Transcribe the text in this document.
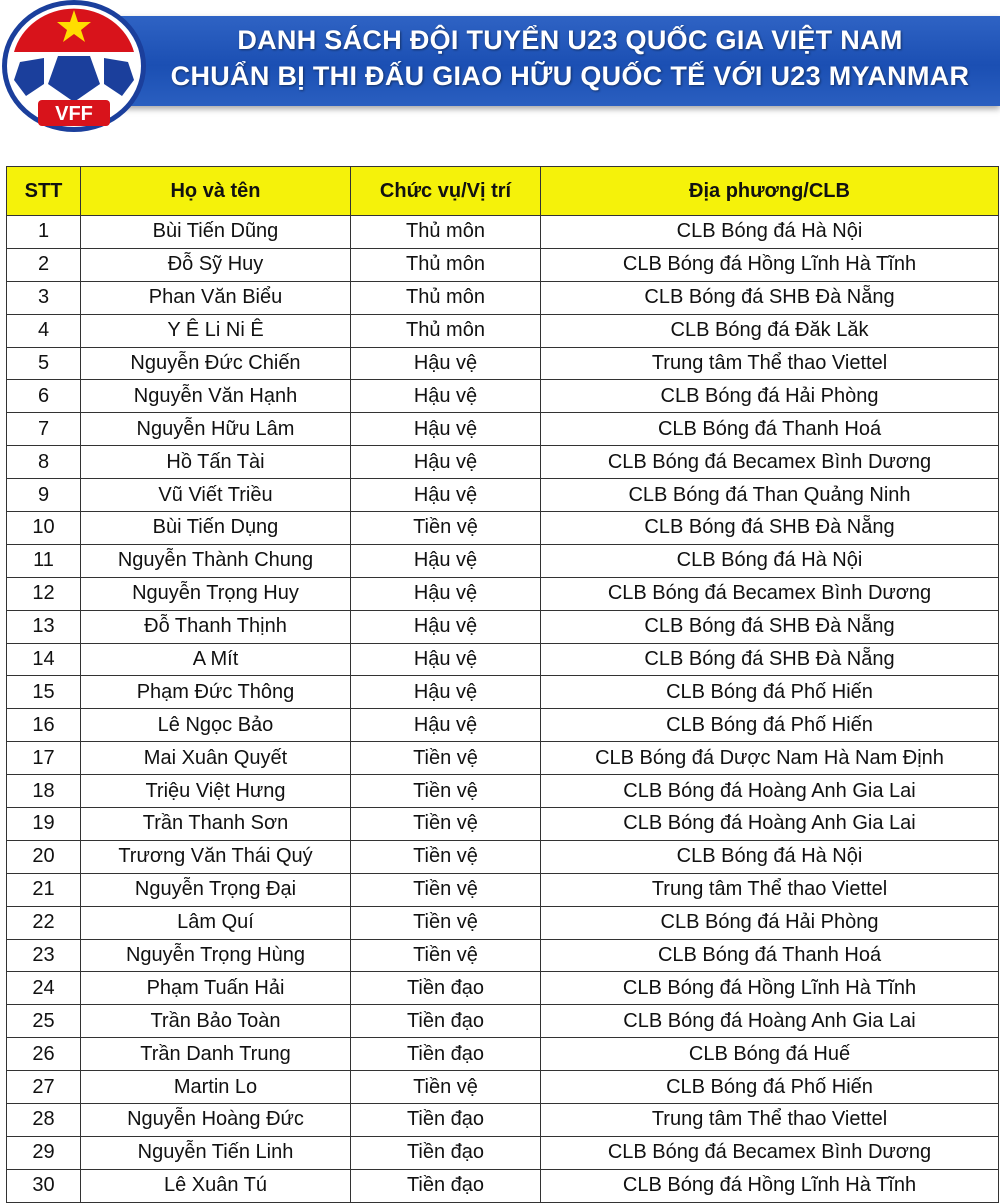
DANH SÁCH ĐỘI TUYỂN U23 QUỐC GIA VIỆT NAM
CHUẨN BỊ THI ĐẤU GIAO HỮU QUỐC TẾ VỚI U23 MYANMAR
VFF
STT	Họ và tên	Chức vụ/Vị trí	Địa phương/CLB
1	Bùi Tiến Dũng	Thủ môn	CLB Bóng đá Hà Nội
2	Đỗ Sỹ Huy	Thủ môn	CLB Bóng đá Hồng Lĩnh Hà Tĩnh
3	Phan Văn Biểu	Thủ môn	CLB Bóng đá SHB Đà Nẵng
4	Y Ê Li Ni Ê	Thủ môn	CLB Bóng đá Đăk Lăk
5	Nguyễn Đức Chiến	Hậu vệ	Trung tâm Thể thao Viettel
6	Nguyễn Văn Hạnh	Hậu vệ	CLB Bóng đá Hải Phòng
7	Nguyễn Hữu Lâm	Hậu vệ	CLB Bóng đá Thanh Hoá
8	Hồ Tấn Tài	Hậu vệ	CLB Bóng đá Becamex Bình Dương
9	Vũ Viết Triều	Hậu vệ	CLB Bóng đá Than Quảng Ninh
10	Bùi Tiến Dụng	Tiền vệ	CLB Bóng đá SHB Đà Nẵng
11	Nguyễn Thành Chung	Hậu vệ	CLB Bóng đá Hà Nội
12	Nguyễn Trọng Huy	Hậu vệ	CLB Bóng đá Becamex Bình Dương
13	Đỗ Thanh Thịnh	Hậu vệ	CLB Bóng đá SHB Đà Nẵng
14	A Mít	Hậu vệ	CLB Bóng đá SHB Đà Nẵng
15	Phạm Đức Thông	Hậu vệ	CLB Bóng đá Phố Hiến
16	Lê Ngọc Bảo	Hậu vệ	CLB Bóng đá Phố Hiến
17	Mai Xuân Quyết	Tiền vệ	CLB Bóng đá Dược Nam Hà Nam Định
18	Triệu Việt Hưng	Tiền vệ	CLB Bóng đá Hoàng Anh Gia Lai
19	Trần Thanh Sơn	Tiền vệ	CLB Bóng đá Hoàng Anh Gia Lai
20	Trương Văn Thái Quý	Tiền vệ	CLB Bóng đá Hà Nội
21	Nguyễn Trọng Đại	Tiền vệ	Trung tâm Thể thao Viettel
22	Lâm Quí	Tiền vệ	CLB Bóng đá Hải Phòng
23	Nguyễn Trọng Hùng	Tiền vệ	CLB Bóng đá Thanh Hoá
24	Phạm Tuấn Hải	Tiền đạo	CLB Bóng đá Hồng Lĩnh Hà Tĩnh
25	Trần Bảo Toàn	Tiền đạo	CLB Bóng đá Hoàng Anh Gia Lai
26	Trần Danh Trung	Tiền đạo	CLB Bóng đá Huế
27	Martin Lo	Tiền vệ	CLB Bóng đá Phố Hiến
28	Nguyễn Hoàng Đức	Tiền đạo	Trung tâm Thể thao Viettel
29	Nguyễn Tiến Linh	Tiền đạo	CLB Bóng đá Becamex Bình Dương
30	Lê Xuân Tú	Tiền đạo	CLB Bóng đá Hồng Lĩnh Hà Tĩnh
